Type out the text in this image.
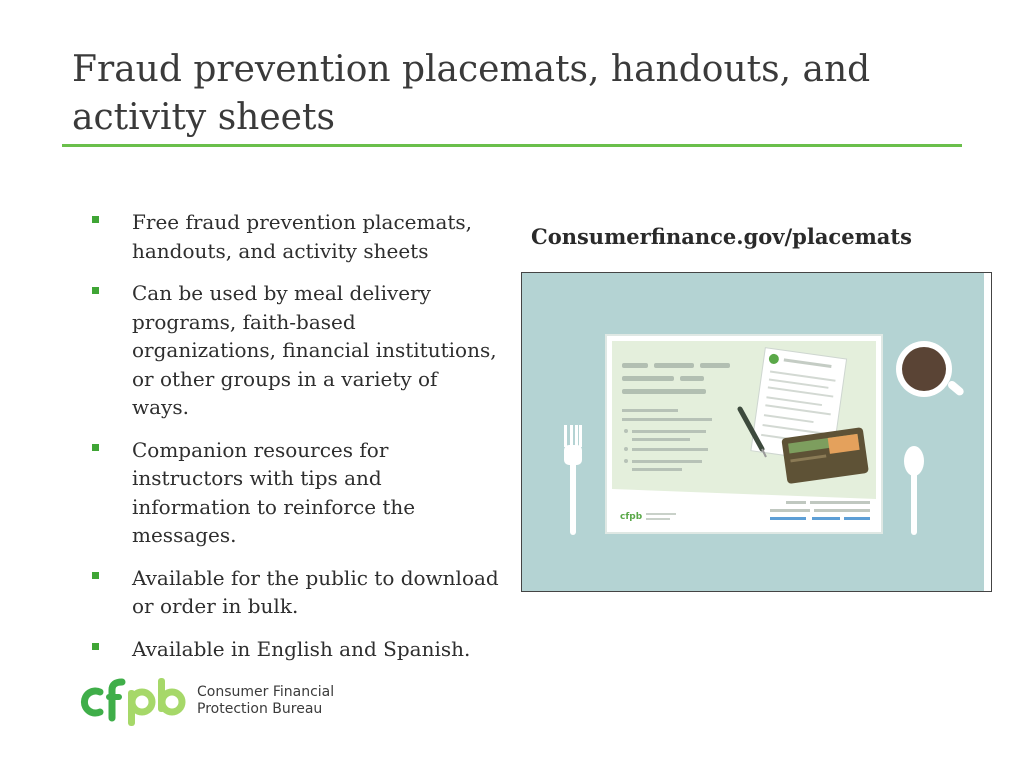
Fraud prevention placemats, handouts, and activity sheets
Free fraud prevention placemats, handouts, and activity sheets
Can be used by meal delivery programs, faith-based organizations, financial institutions, or other groups in a variety of ways.
Companion resources for instructors with tips and information to reinforce the messages.
Available for the public to download or order in bulk.
Available in English and Spanish.
Consumerfinance.gov/placemats
cfpb
Consumer Financial
Protection Bureau
